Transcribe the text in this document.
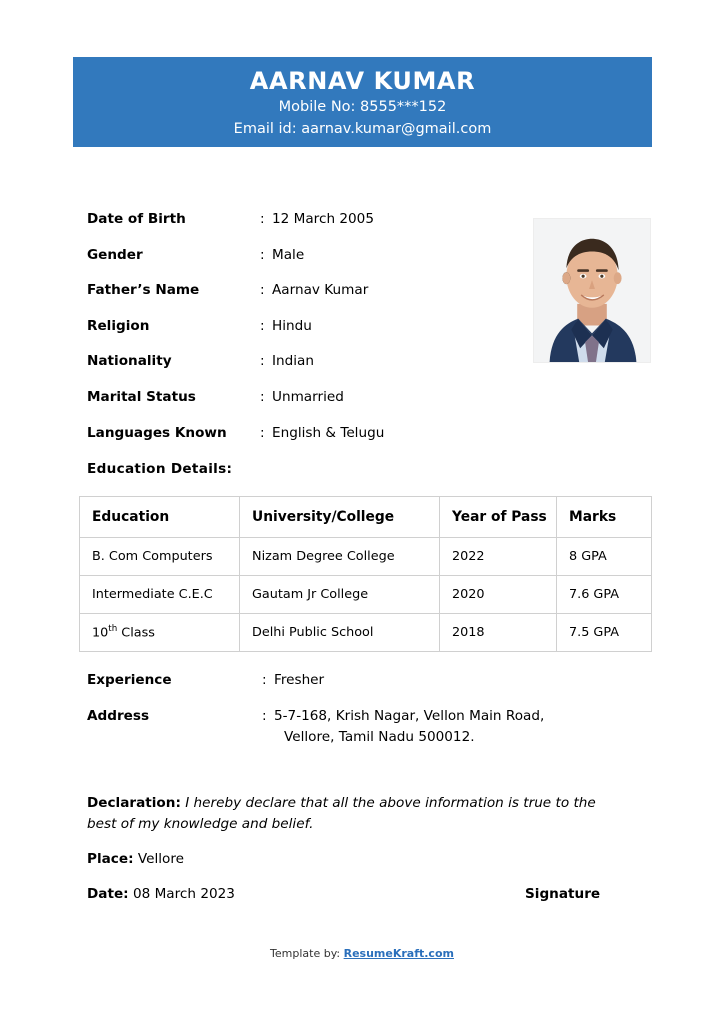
AARNAV KUMAR
Mobile No: 8555***152
Email id: aarnav.kumar@gmail.com
Date of Birth	: 12 March 2005
Gender	: Male
Father’s Name	: Aarnav Kumar
Religion	: Hindu
Nationality	: Indian
Marital Status	: Unmarried
Languages Known	: English & Telugu
Education Details:
Education	University/College	Year of Pass	Marks
B. Com Computers	Nizam Degree College	2022	8 GPA
Intermediate C.E.C	Gautam Jr College	2020	7.6 GPA
10th Class	Delhi Public School	2018	7.5 GPA
Experience	: Fresher
Address	: 5-7-168, Krish Nagar, Vellon Main Road,
Vellore, Tamil Nadu 500012.
Declaration: I hereby declare that all the above information is true to the best of my knowledge and belief.
Place: Vellore
Date: 08 March 2023	Signature
Template by: ResumeKraft.com
